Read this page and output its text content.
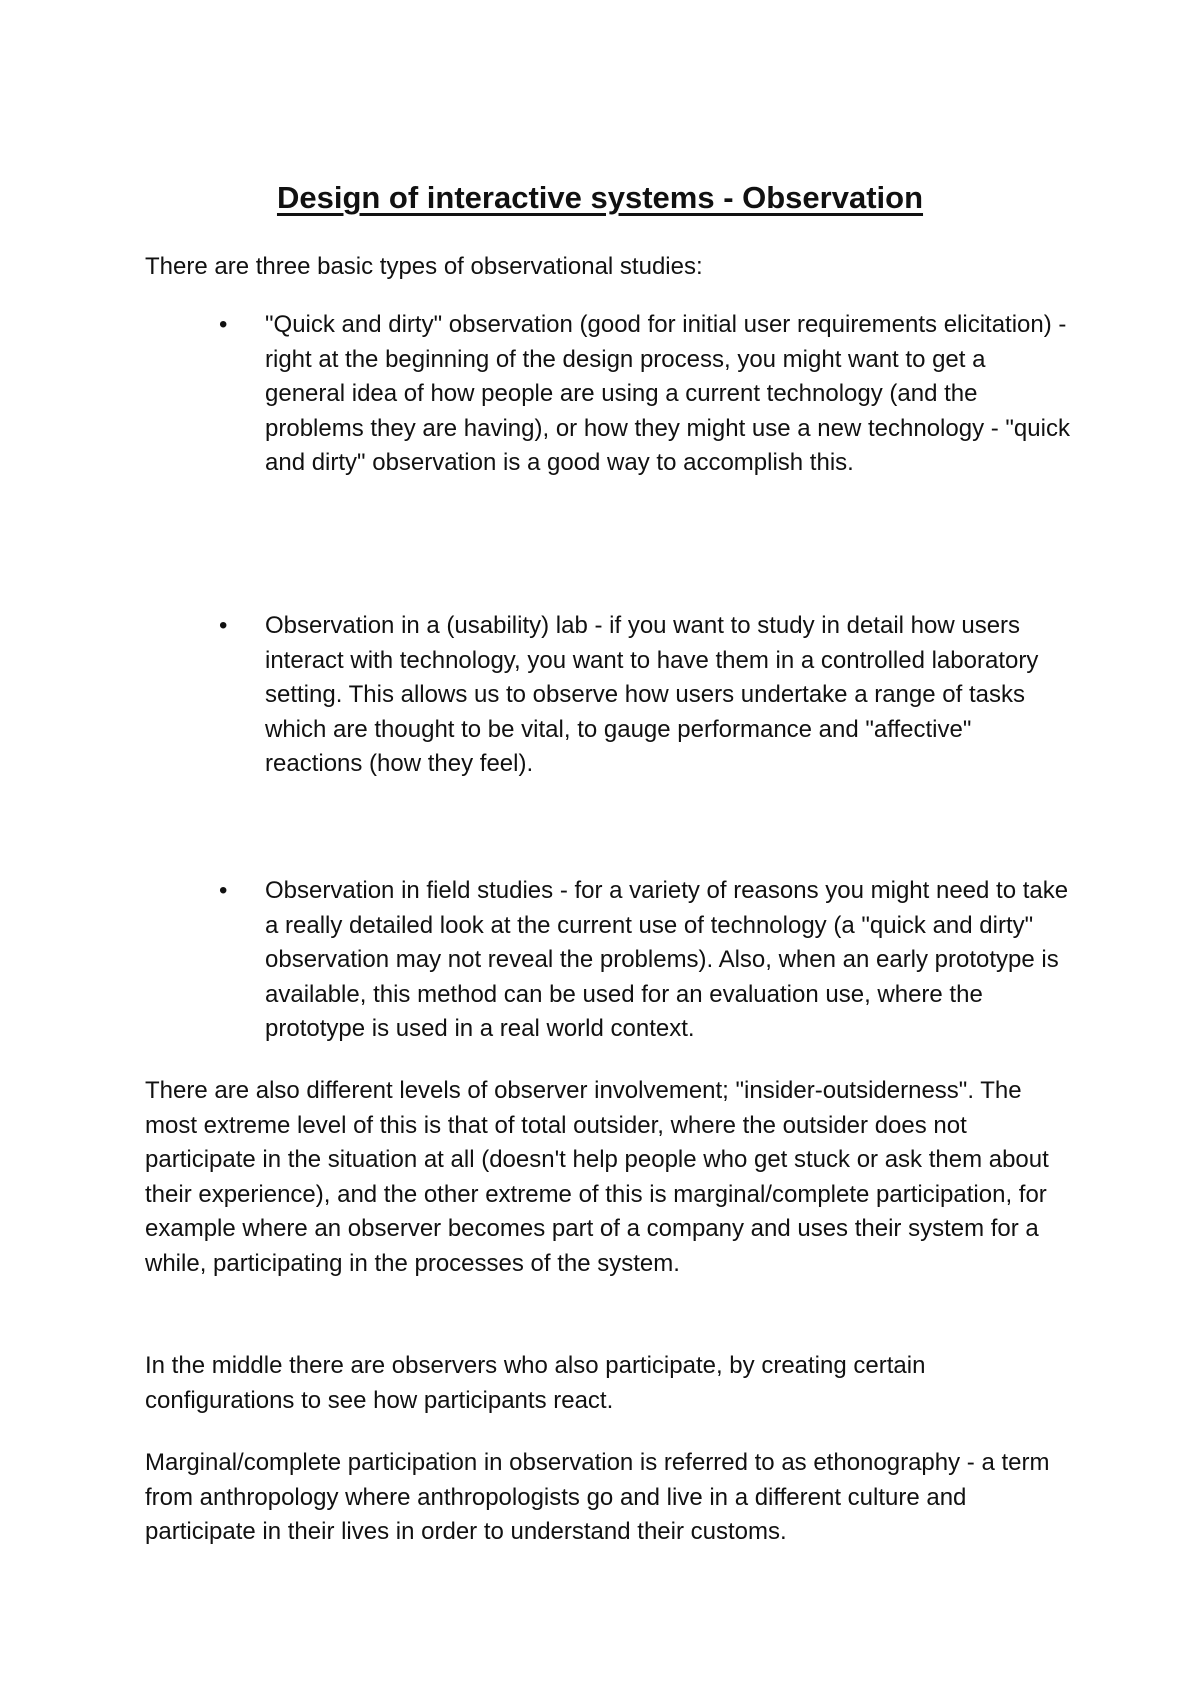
Design of interactive systems - Observation

There are three basic types of observational studies:

• "Quick and dirty" observation (good for initial user requirements elicitation) - right at the beginning of the design process, you might want to get a general idea of how people are using a current technology (and the problems they are having), or how they might use a new technology - "quick and dirty" observation is a good way to accomplish this.

• Observation in a (usability) lab - if you want to study in detail how users interact with technology, you want to have them in a controlled laboratory setting. This allows us to observe how users undertake a range of tasks which are thought to be vital, to gauge performance and "affective" reactions (how they feel).

• Observation in field studies - for a variety of reasons you might need to take a really detailed look at the current use of technology (a "quick and dirty" observation may not reveal the problems). Also, when an early prototype is available, this method can be used for an evaluation use, where the prototype is used in a real world context.

There are also different levels of observer involvement; "insider-outsiderness". The most extreme level of this is that of total outsider, where the outsider does not participate in the situation at all (doesn't help people who get stuck or ask them about their experience), and the other extreme of this is marginal/complete participation, for example where an observer becomes part of a company and uses their system for a while, participating in the processes of the system.

In the middle there are observers who also participate, by creating certain configurations to see how participants react.

Marginal/complete participation in observation is referred to as ethonography - a term from anthropology where anthropologists go and live in a different culture and participate in their lives in order to understand their customs.
